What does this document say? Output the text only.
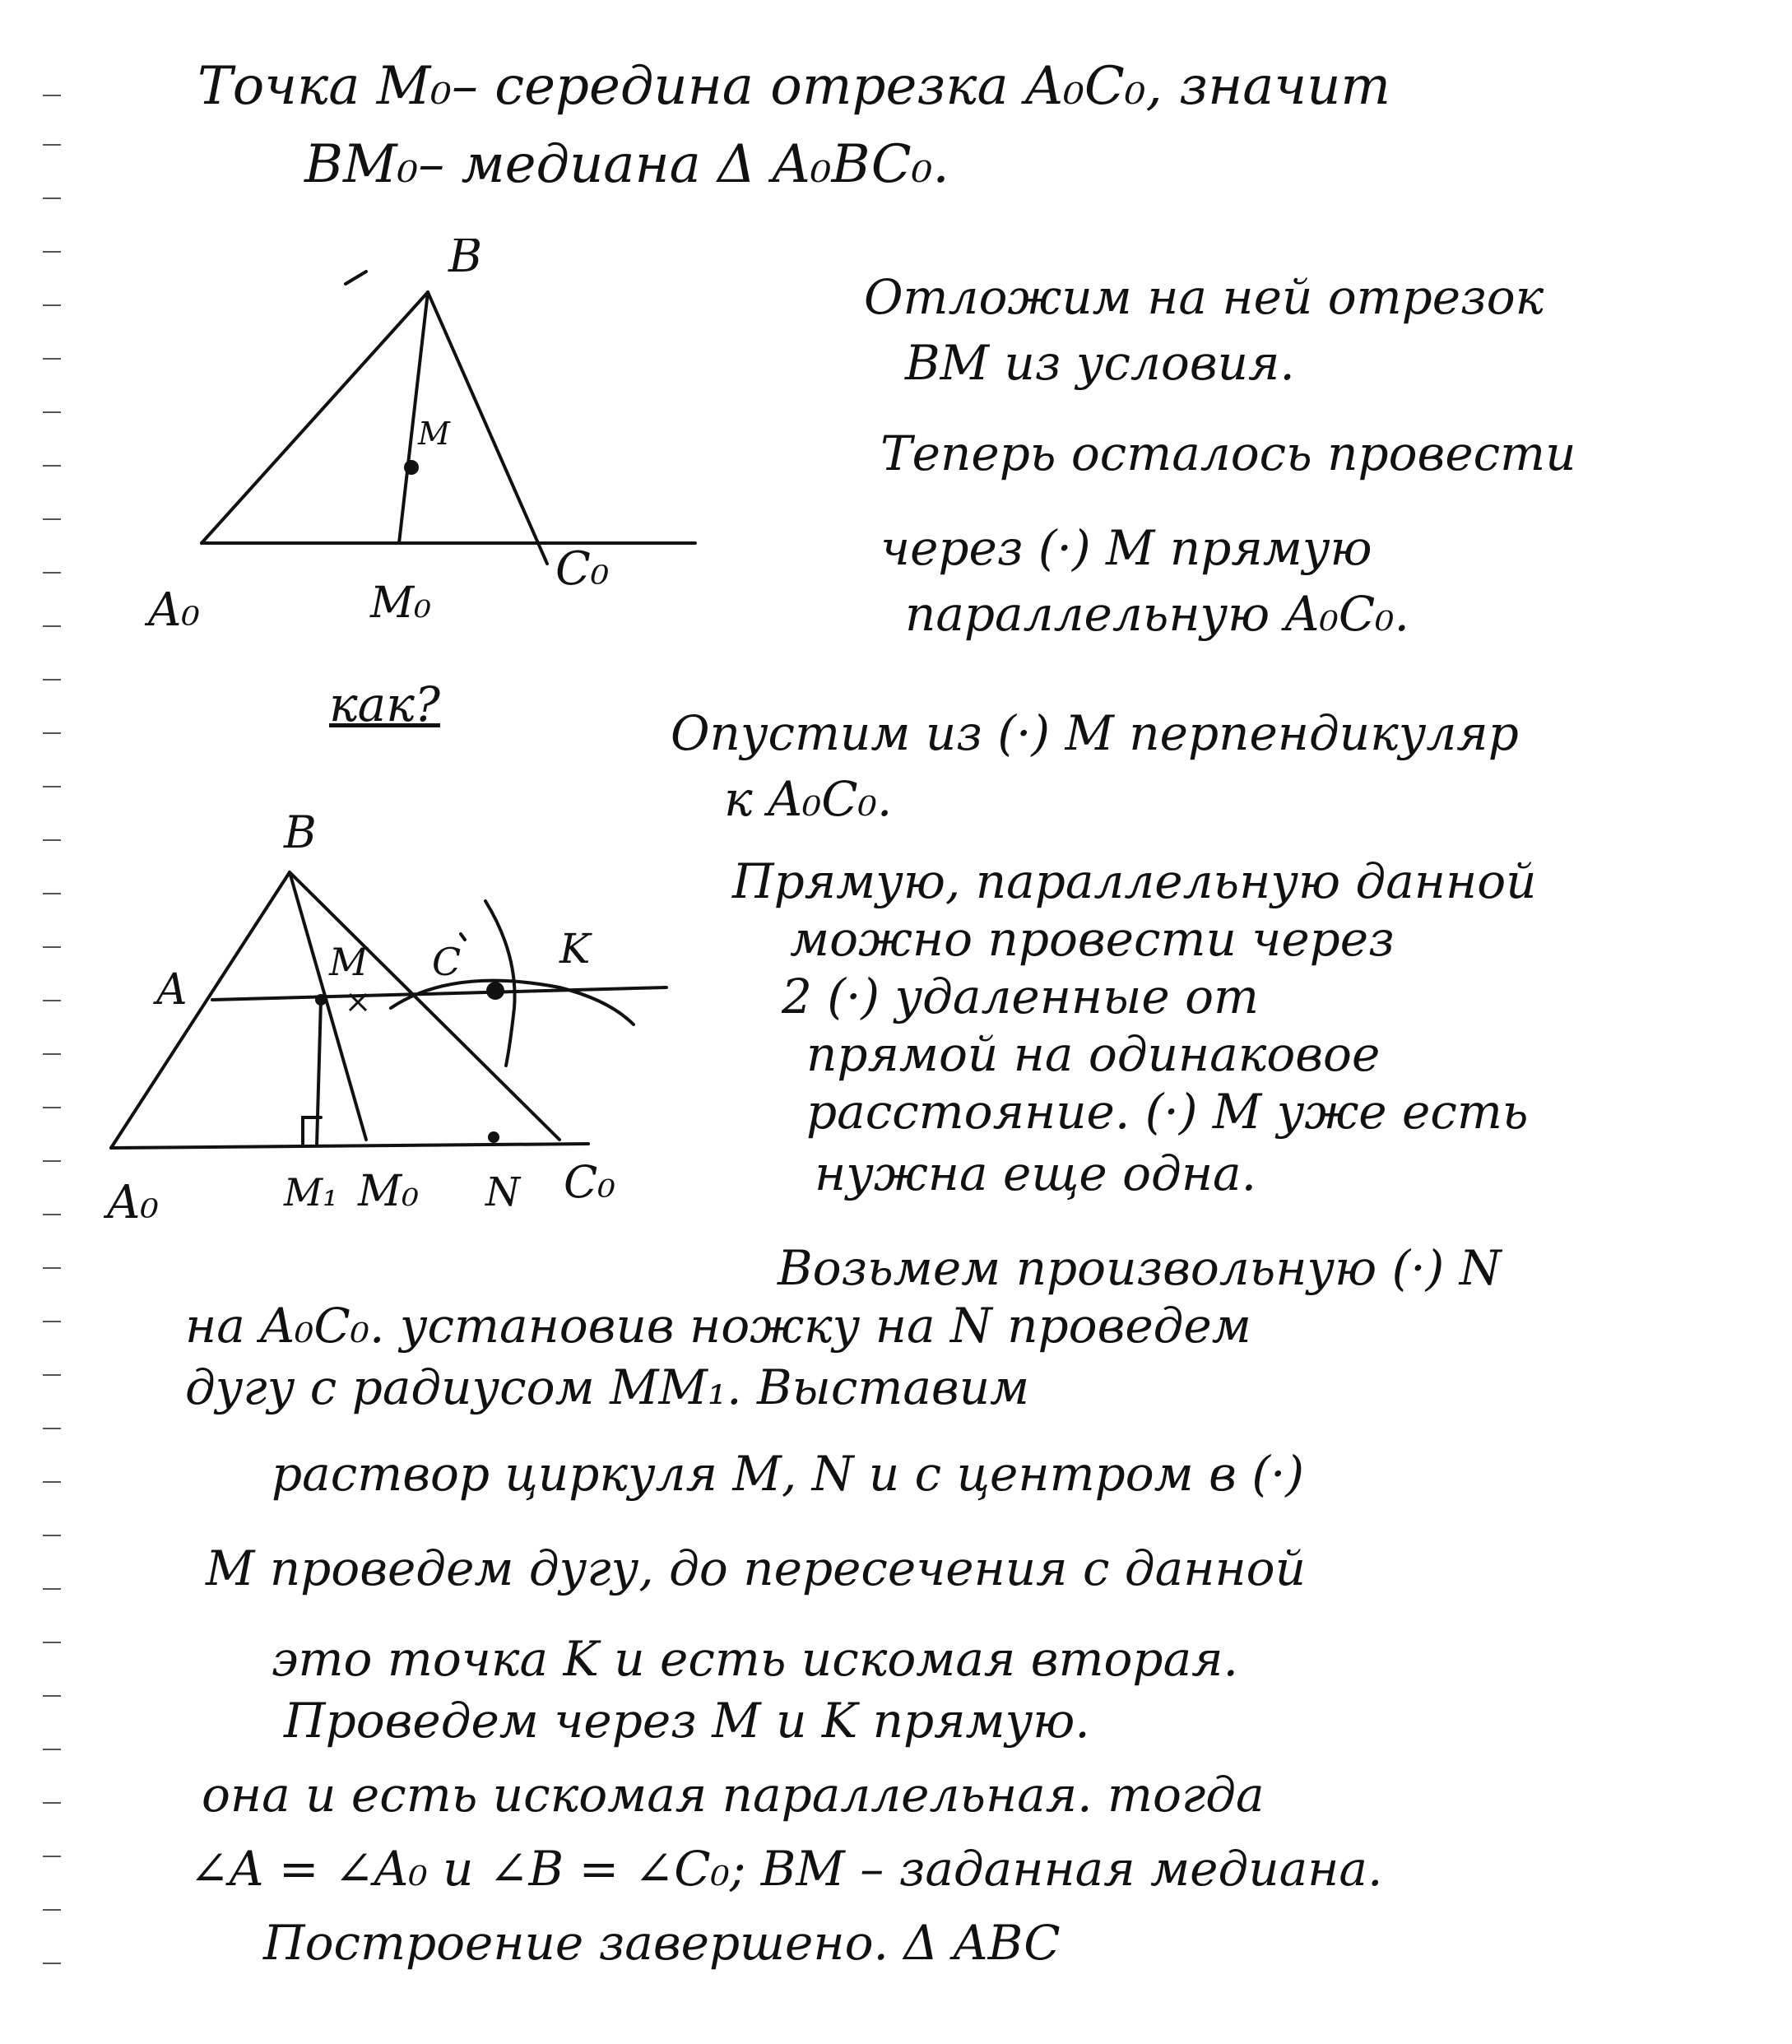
Точка M₀– середина отрезка A₀C₀, значит
BM₀– медиана Δ A₀BC₀.
B
M
A₀	M₀
C₀
Отложим на ней отрезок
BM из условия.
Теперь осталось провести
через (·) M прямую
параллельную A₀C₀.
как?
Опустим из (·) M перпендикуляр
к A₀C₀.
B
A
M C K
A₀	M₁ M₀ N C₀
Прямую, параллельную данной
можно провести через
2 (·) удаленные от
прямой на одинаковое
расстояние. (·) M уже есть
нужна еще одна.
Возьмем произвольную (·) N
на A₀C₀. установив ножку на N проведем
дугу с радиусом MM₁. Выставим
раствор циркуля M, N и с центром в (·)
M проведем дугу, до пересечения с данной
это точка K и есть искомая вторая.
Проведем через M и K прямую.
она и есть искомая параллельная. тогда
∠A = ∠A₀ и ∠B = ∠C₀; BM – заданная медиана.
Построение завершено. Δ ABC
